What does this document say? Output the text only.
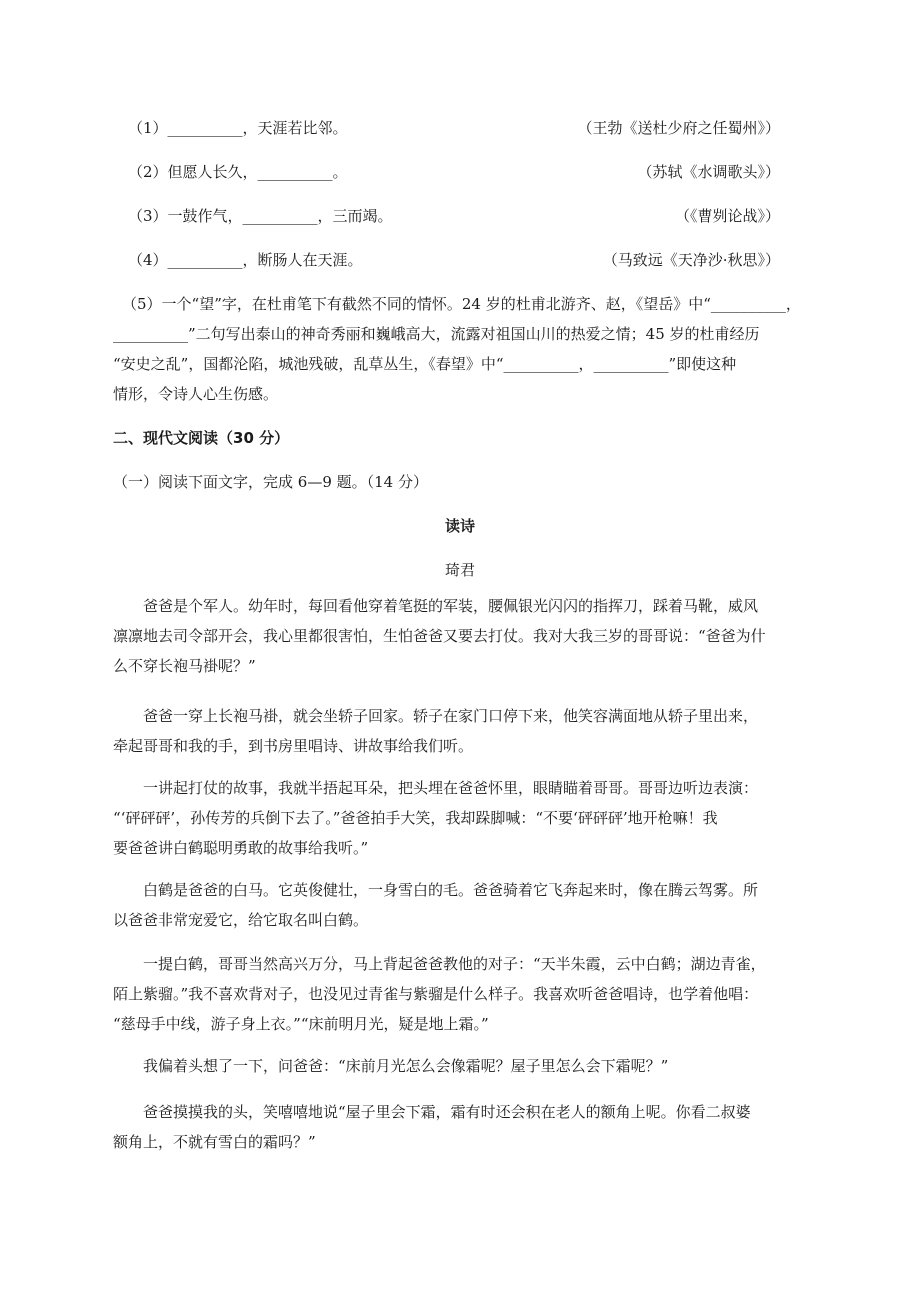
（1）__________，天涯若比邻。	（王勃《送杜少府之任蜀州》）
（2）但愿人长久，__________。	（苏轼《水调歌头》）
（3）一鼓作气，__________，三而竭。	（《曹刿论战》）
（4）__________，断肠人在天涯。	（马致远《天净沙·秋思》）
（5）一个“望”字，在杜甫笔下有截然不同的情怀。24 岁的杜甫北游齐、赵，《望岳》中“__________，
__________”二句写出泰山的神奇秀丽和巍峨高大，流露对祖国山川的热爱之情；45 岁的杜甫经历
“安史之乱”，国都沦陷，城池残破，乱草丛生，《春望》中“__________，__________”即使这种
情形，令诗人心生伤感。
二、现代文阅读（30 分）
（一）阅读下面文字，完成 6—9 题。（14 分）
读诗
琦君
爸爸是个军人。幼年时，每回看他穿着笔挺的军装，腰佩银光闪闪的指挥刀，踩着马靴，威风
凛凛地去司令部开会，我心里都很害怕，生怕爸爸又要去打仗。我对大我三岁的哥哥说：“爸爸为什
么不穿长袍马褂呢？”
爸爸一穿上长袍马褂，就会坐轿子回家。轿子在家门口停下来，他笑容满面地从轿子里出来，
牵起哥哥和我的手，到书房里唱诗、讲故事给我们听。
一讲起打仗的故事，我就半捂起耳朵，把头埋在爸爸怀里，眼睛瞄着哥哥。哥哥边听边表演：
“‘砰砰砰’，孙传芳的兵倒下去了。”爸爸拍手大笑，我却跺脚喊：“不要‘砰砰砰’地开枪嘛！我
要爸爸讲白鹤聪明勇敢的故事给我听。”
白鹤是爸爸的白马。它英俊健壮，一身雪白的毛。爸爸骑着它飞奔起来时，像在腾云驾雾。所
以爸爸非常宠爱它，给它取名叫白鹤。
一提白鹤，哥哥当然高兴万分，马上背起爸爸教他的对子：“天半朱霞，云中白鹤；湖边青雀，
陌上紫骝。”我不喜欢背对子，也没见过青雀与紫骝是什么样子。我喜欢听爸爸唱诗，也学着他唱：
“慈母手中线，游子身上衣。”“床前明月光，疑是地上霜。”
我偏着头想了一下，问爸爸：“床前月光怎么会像霜呢？屋子里怎么会下霜呢？”
爸爸摸摸我的头，笑嘻嘻地说“屋子里会下霜，霜有时还会积在老人的额角上呢。你看二叔婆
额角上，不就有雪白的霜吗？”
